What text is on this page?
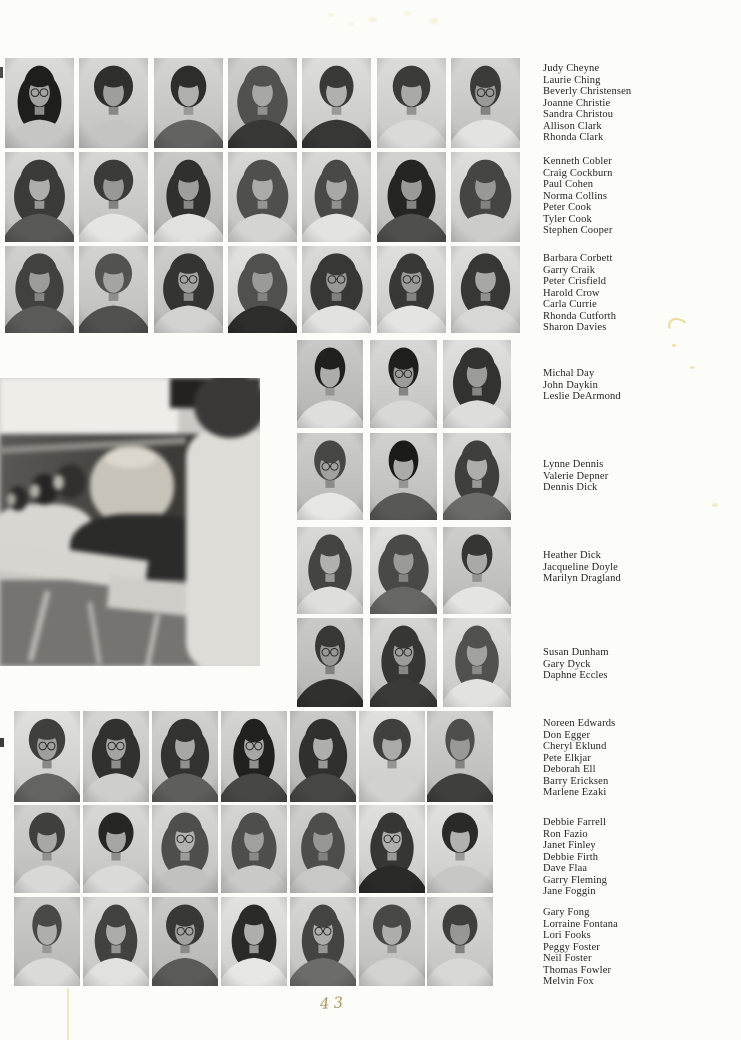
Judy Cheyne
Laurie Ching
Beverly Christensen
Joanne Christie
Sandra Christou
Allison Clark
Rhonda Clark
Kenneth Cobler
Craig Cockburn
Paul Cohen
Norma Collins
Peter Cook
Tyler Cook
Stephen Cooper
Barbara Corbett
Garry Craik
Peter Crisfield
Harold Crow
Carla Currie
Rhonda Cutforth
Sharon Davies
Michal Day
John Daykin
Leslie DeArmond
Lynne Dennis
Valerie Depner
Dennis Dick
Heather Dick
Jacqueline Doyle
Marilyn Dragland
Susan Dunham
Gary Dyck
Daphne Eccles
Noreen Edwards
Don Egger
Cheryl Eklund
Pete Elkjar
Deborah Ell
Barry Ericksen
Marlene Ezaki
Debbie Farrell
Ron Fazio
Janet Finley
Debbie Firth
Dave Flaa
Garry Fleming
Jane Foggin
Gary Fong
Lorraine Fontana
Lori Fooks
Peggy Foster
Neil Foster
Thomas Fowler
Melvin Fox
43
